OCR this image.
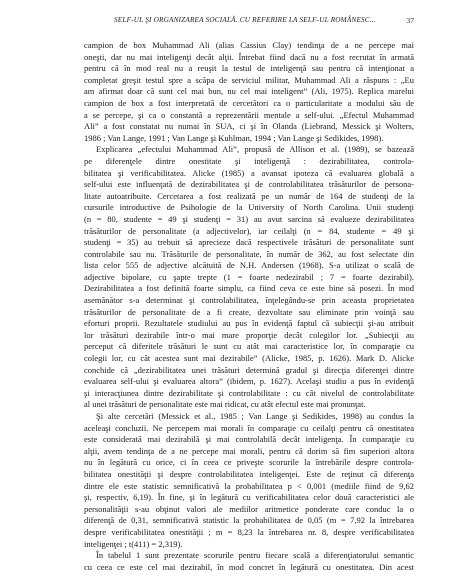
SELF-UL ŞI ORGANIZAREA SOCIALĂ. CU REFERIRE LA SELF-UL ROMÂNESC...	37
campion de box Muhammad Ali (alias Cassius Clay) tendinţa de a ne percepe mai
oneşti, dar nu mai inteligenţi decât alţii. Întrebat fiind dacă nu a fost recrutat în armată
pentru că în mod real nu a reuşit la testul de inteligenţă sau pentru că intenţionat a
completat greşit testul spre a scăpa de serviciul militar, Muhammad Ali a răspuns : „Eu
am afirmat doar că sunt cel mai bun, nu cel mai inteligent” (Ali, 1975). Replica marelui
campion de box a fost interpretată de cercetători ca o particularitate a modului său de
a se percepe, şi ca o constantă a reprezentării mentale a self-ului. „Efectul Muhammad
Ali” a fost constatat nu numai în SUA, ci şi în Olanda (Liebrand, Messick şi Wolters,
1986 ; Van Lange, 1991 ; Van Lange şi Kuhlman, 1994 ; Van Lange şi Sedikides, 1998).
Explicarea „efectului Muhammad Ali”, propusă de Allison et al. (1989), se bazează
pe diferenţele dintre onestitate şi inteligenţă : dezirabilitatea, controla-
bilitatea şi verificabilitatea. Alicke (1985) a avansat ipoteza că evaluarea globală a
self-ului este influenţată de dezirabilitatea şi de controlabilitatea trăsăturilor de persona-
litate autoatribuite. Cercetarea a fost realizată pe un număr de 164 de studenţi de la
cursurile introductive de Psihologie de la University of North Carolina. Unii studenţi
(n = 80, studente = 49 şi studenţi = 31) au avut sarcina să evalueze dezirabilitatea
trăsăturilor de personalitate (a adjectivelor), iar ceilalţi (n = 84, studente = 49 şi
studenţi = 35) au trebuit să aprecieze dacă respectivele trăsături de personalitate sunt
controlabile sau nu. Trăsăturile de personalitate, în număr de 362, au fost selectate din
lista celor 555 de adjective alcătuită de N.H. Andersen (1968). S-a utilizat o scală de
adjective bipolare, cu şapte trepte (1 = foarte nedezirabil ; 7 = foarte dezirabil).
Dezirabilitatea a fost definită foarte simplu, ca fiind ceva ce este bine să posezi. În mod
asemănător s-a determinat şi controlabilitatea, înţelegându-se prin aceasta proprietatea
trăsăturilor de personalitate de a fi create, dezvoltate sau eliminate prin voinţă sau
eforturi proprii. Rezultatele studiului au pus în evidenţă faptul că subiecţii şi-au atribuit
lor trăsături dezirabile într-o mai mare proporţie decât colegilor lor. „Subiecţii au
perceput că diferitele trăsături le sunt cu atât mai caracteristice lor, în comparaţie cu
colegii lor, cu cât acestea sunt mai dezirabile” (Alicke, 1985, p. 1626). Mark D. Alicke
conchide că „dezirabilitatea unei trăsături determină gradul şi direcţia diferenţei dintre
evaluarea self-ului şi evaluarea altora” (ibidem, p. 1627). Acelaşi studiu a pus în evidenţă
şi interacţiunea dintre dezirabilitate şi controlabilitate : cu cât nivelul de controlabilitate
al unei trăsături de personalitate este mai ridicat, cu atât efectul este mai pronunţat.
Şi alte cercetări (Messick et al., 1985 ; Van Lange şi Sedikides, 1998) au condus la
aceleaşi concluzii. Ne percepem mai morali în comparaţie cu ceilalţi pentru că onestitatea
este considerată mai dezirabilă şi mai controlabilă decât inteligenţa. În comparaţie cu
alţii, avem tendinţa de a ne percepe mai morali, pentru că dorim să fim superiori altora
nu în legătură cu orice, ci în ceea ce priveşte scorurile la întrebările despre controla-
bilitatea onestităţii şi despre controlabilitatea inteligenţei. Este de reţinut că diferenţa
dintre ele este statistic semnificativă la probabilitatea p < 0,001 (mediile fiind de 9,62
şi, respectiv, 6,19). În fine, şi în legătură cu verificabilitatea celor două caracteristici ale
personalităţii s-au obţinut valori ale mediilor aritmetice ponderate care conduc la o
diferenţă de 0,31, semnificativă statistic la probabilitatea de 0,05 (m = 7,92 la întrebarea
despre verificabilitatea onestităţii ; m = 8,23 la întrebarea nr. 8, despre verificabilitatea
inteligenţei ; t(411) = 2,319).
În tabelul 1 sunt prezentate scorurile pentru fiecare scală a diferenţiatorului semantic
cu ceea ce este cel mai dezirabil, în mod concret în legătură cu onestitatea. Din acest
